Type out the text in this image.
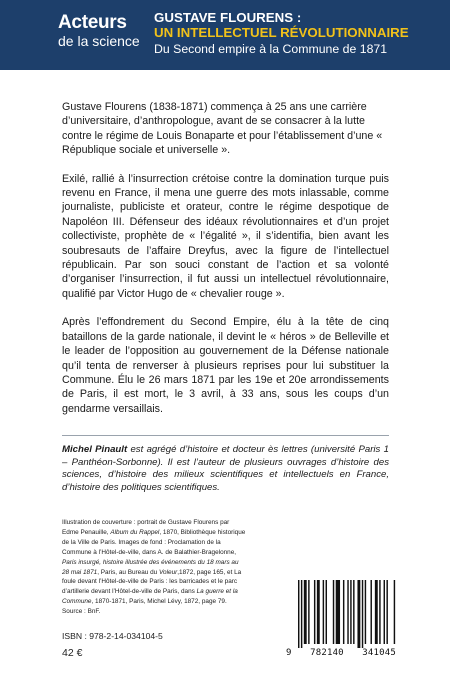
Acteurs
de la science
GUSTAVE FLOURENS :
UN INTELLECTUEL RÉVOLUTIONNAIRE
Du Second empire à la Commune de 1871

Gustave Flourens (1838-1871) commença à 25 ans une carrière d’universitaire, d’anthropologue, avant de se consacrer à la lutte contre le régime de Louis Bonaparte et pour l’établissement d’une « République sociale et universelle ».

Exilé, rallié à l’insurrection crétoise contre la domination turque puis revenu en France, il mena une guerre des mots inlassable, comme journaliste, publiciste et orateur, contre le régime despotique de Napoléon III. Défenseur des idéaux révolutionnaires et d’un projet collectiviste, prophète de « l’égalité », il s’identifia, bien avant les soubresauts de l’affaire Dreyfus, avec la figure de l’intellectuel républicain. Par son souci constant de l’action et sa volonté d’organiser l’insurrection, il fut aussi un intellectuel révolutionnaire, qualifié par Victor Hugo de « chevalier rouge ».

Après l’effondrement du Second Empire, élu à la tête de cinq bataillons de la garde nationale, il devint le « héros » de Belleville et le leader de l’opposition au gouvernement de la Défense nationale qu’il tenta de renverser à plusieurs reprises pour lui substituer la Commune. Élu le 26 mars 1871 par les 19e et 20e arrondissements de Paris, il est mort, le 3 avril, à 33 ans, sous les coups d’un gendarme versaillais.

Michel Pinault est agrégé d’histoire et docteur ès lettres (université Paris 1 – Panthéon-Sorbonne). Il est l’auteur de plusieurs ouvrages d’histoire des sciences, d’histoire des milieux scientifiques et intellectuels en France, d’histoire des politiques scientifiques.
Illustration de couverture : portrait de Gustave Flourens par Edme Penauille, Album du Rappel, 1870, Bibliothèque historique de la Ville de Paris. Images de fond : Proclamation de la Commune à l’Hôtel-de-ville, dans A. de Balathier-Bragelonne, Paris insurgé, histoire illustrée des événements du 18 mars au 28 mai 1871, Paris, au Bureau du Voleur,1872, page 165, et La foule devant l’Hôtel-de-ville de Paris : les barricades et le parc d’artillerie devant l’Hôtel-de-ville de Paris, dans La guerre et la Commune, 1870-1871, Paris, Michel Lévy, 1872, page 79. Source : BnF.
ISBN : 978-2-14-034104-5
42 €	9 782140 341045
